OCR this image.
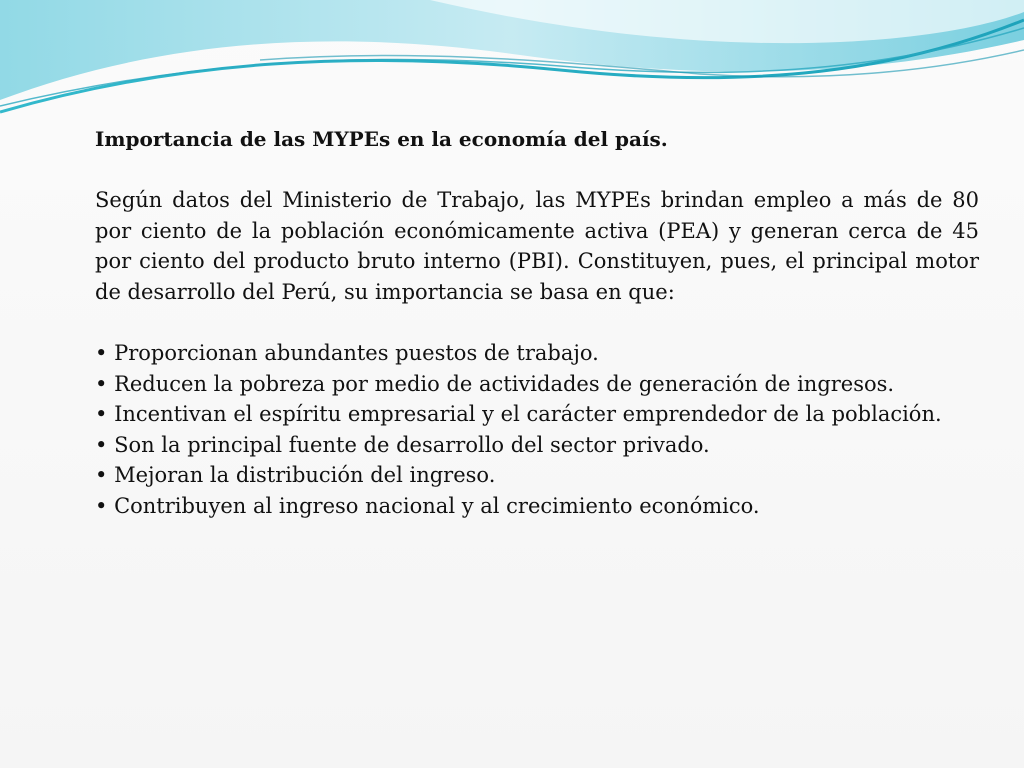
Importancia de las MYPEs en la economía del país.

Según datos del Ministerio de Trabajo, las MYPEs brindan empleo a más de 80 por ciento de la población económicamente activa (PEA) y generan cerca de 45 por ciento del producto bruto interno (PBI). Constituyen, pues, el principal motor de desarrollo del Perú, su importancia se basa en que:

• Proporcionan abundantes puestos de trabajo.
• Reducen la pobreza por medio de actividades de generación de ingresos.
• Incentivan el espíritu empresarial y el carácter emprendedor de la población.
• Son la principal fuente de desarrollo del sector privado.
• Mejoran la distribución del ingreso.
• Contribuyen al ingreso nacional y al crecimiento económico.
